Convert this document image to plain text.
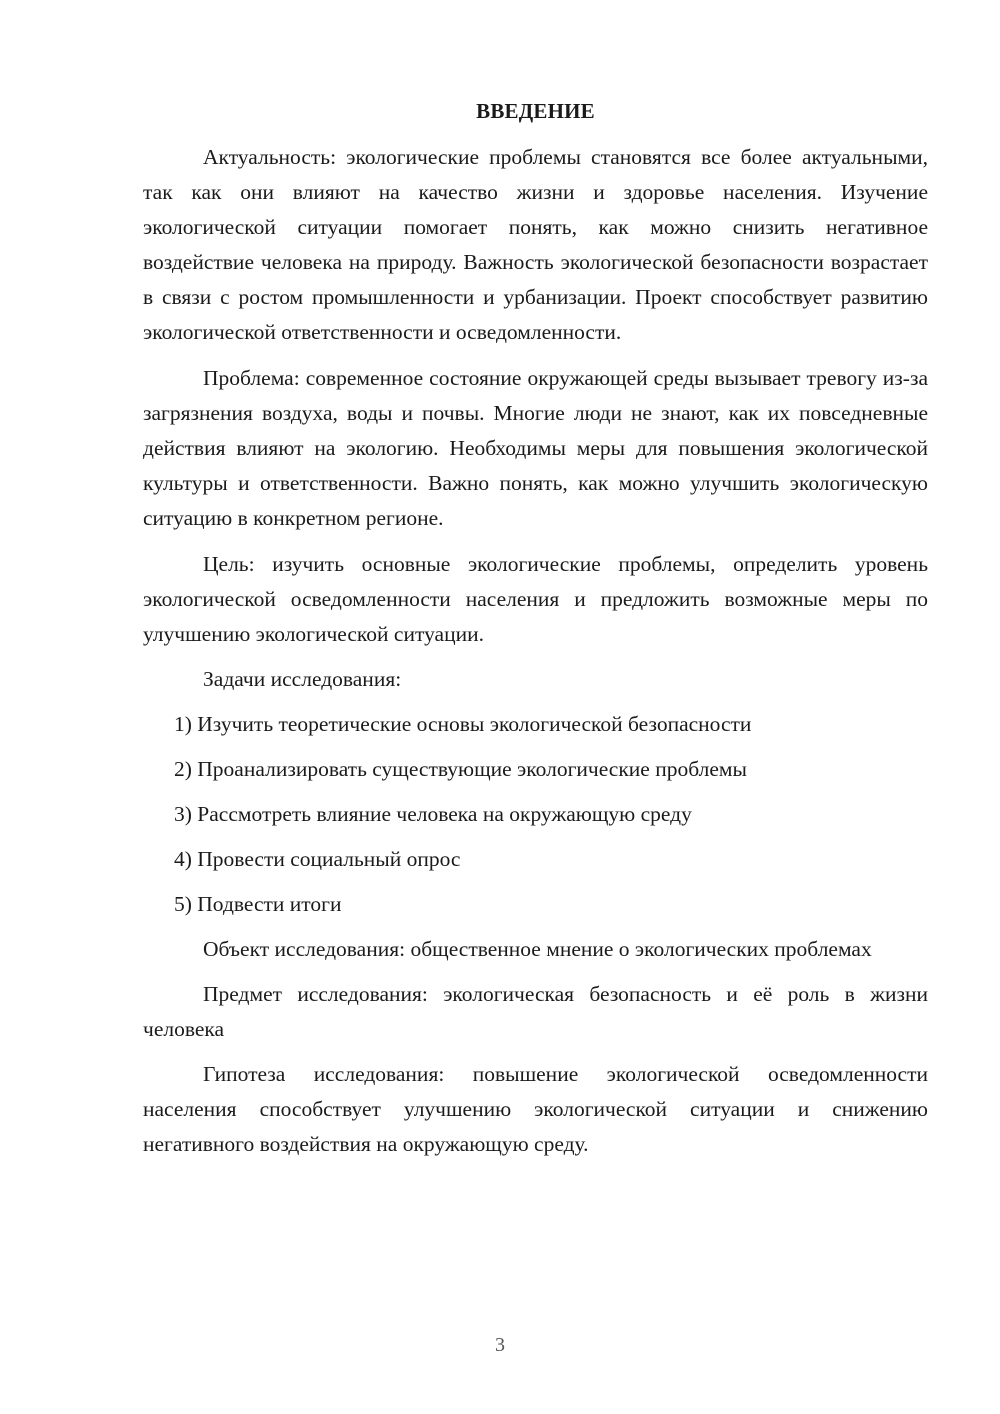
ВВЕДЕНИЕ

Актуальность: экологические проблемы становятся все более актуальными, так как они влияют на качество жизни и здоровье населения. Изучение экологической ситуации помогает понять, как можно снизить негативное воздействие человека на природу. Важность экологической безопасности возрастает в связи с ростом промышленности и урбанизации. Проект способствует развитию экологической ответственности и осведомленности.

Проблема: современное состояние окружающей среды вызывает тревогу из-за загрязнения воздуха, воды и почвы. Многие люди не знают, как их повседневные действия влияют на экологию. Необходимы меры для повышения экологической культуры и ответственности. Важно понять, как можно улучшить экологическую ситуацию в конкретном регионе.

Цель: изучить основные экологические проблемы, определить уровень экологической осведомленности населения и предложить возможные меры по улучшению экологической ситуации.

Задачи исследования:

1) Изучить теоретические основы экологической безопасности
2) Проанализировать существующие экологические проблемы
3) Рассмотреть влияние человека на окружающую среду
4) Провести социальный опрос
5) Подвести итоги

Объект исследования: общественное мнение о экологических проблемах

Предмет исследования: экологическая безопасность и её роль в жизни человека

Гипотеза исследования: повышение экологической осведомленности населения способствует улучшению экологической ситуации и снижению негативного воздействия на окружающую среду.

3
